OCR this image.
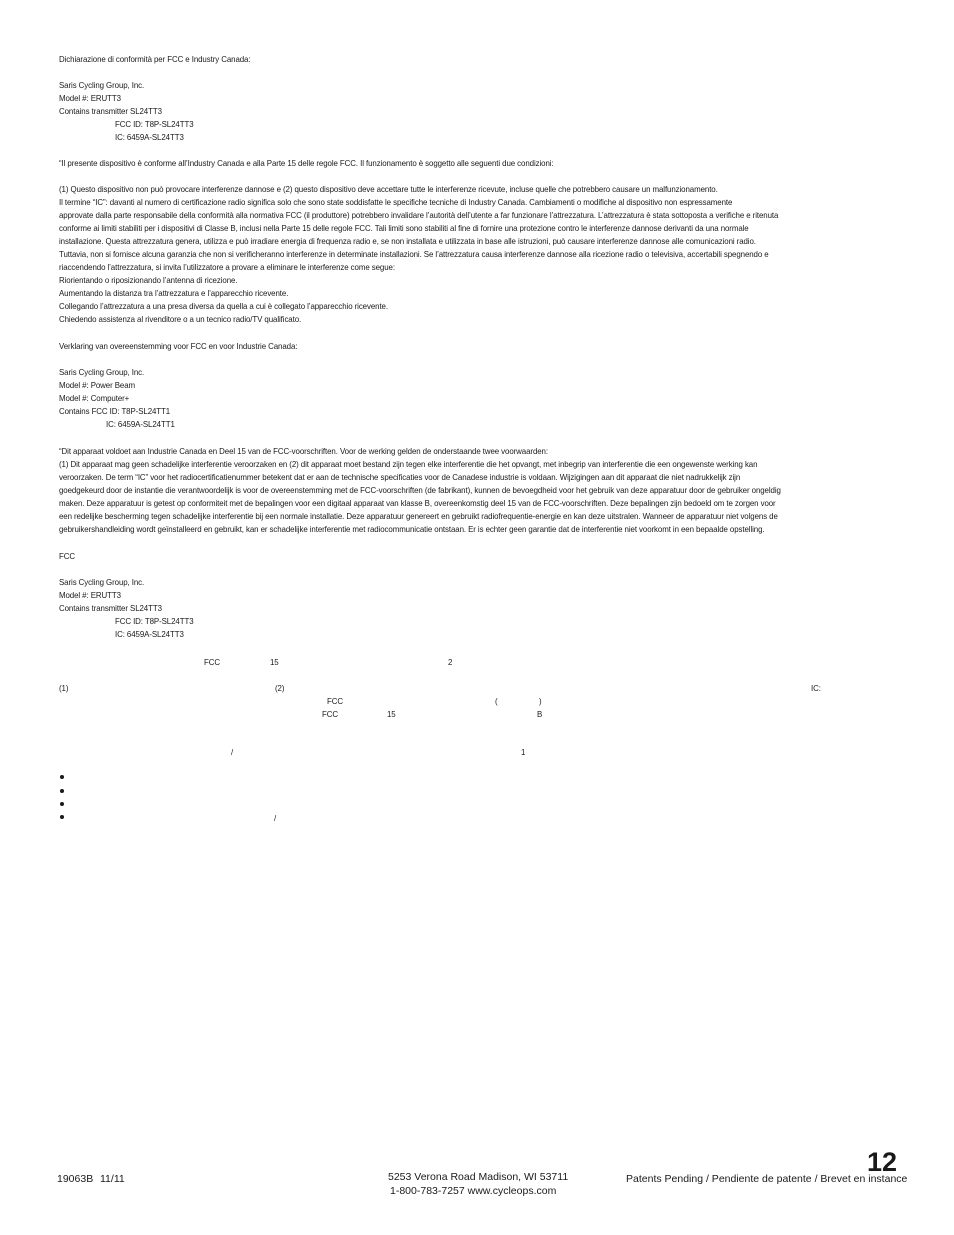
Dichiarazione di conformità per FCC e Industry Canada:
Saris Cycling Group, Inc.
Model #: ERUTT3
Contains transmitter SL24TT3
FCC ID: T8P-SL24TT3
IC: 6459A-SL24TT3
“Il presente dispositivo è conforme all’Industry Canada e alla Parte 15 delle regole FCC. Il funzionamento è soggetto alle seguenti due condizioni:
(1) Questo dispositivo non può provocare interferenze dannose e (2) questo dispositivo deve accettare tutte le interferenze ricevute, incluse quelle che potrebbero causare un malfunzionamento.
Il termine “IC”: davanti al numero di certificazione radio significa solo che sono state soddisfatte le specifiche tecniche di Industry Canada. Cambiamenti o modifiche al dispositivo non espressamente
approvate dalla parte responsabile della conformità alla normativa FCC (il produttore) potrebbero invalidare l’autorità dell’utente a far funzionare l’attrezzatura. L’attrezzatura è stata sottoposta a verifiche e ritenuta
conforme ai limiti stabiliti per i dispositivi di Classe B, inclusi nella Parte 15 delle regole FCC. Tali limiti sono stabiliti al fine di fornire una protezione contro le interferenze dannose derivanti da una normale
installazione. Questa attrezzatura genera, utilizza e può irradiare energia di frequenza radio e, se non installata e utilizzata in base alle istruzioni, può causare interferenze dannose alle comunicazioni radio.
Tuttavia, non si fornisce alcuna garanzia che non si verificheranno interferenze in determinate installazioni. Se l’attrezzatura causa interferenze dannose alla ricezione radio o televisiva, accertabili spegnendo e
riaccendendo l’attrezzatura, si invita l’utilizzatore a provare a eliminare le interferenze come segue:
Riorientando o riposizionando l’antenna di ricezione.
Aumentando la distanza tra l’attrezzatura e l’apparecchio ricevente.
Collegando l’attrezzatura a una presa diversa da quella a cui è collegato l’apparecchio ricevente.
Chiedendo assistenza al rivenditore o a un tecnico radio/TV qualificato.
Verklaring van overeenstemming voor FCC en voor Industrie Canada:
Saris Cycling Group, Inc.
Model #: Power Beam
Model #: Computer+
Contains FCC ID: T8P-SL24TT1
IC: 6459A-SL24TT1
“Dit apparaat voldoet aan Industrie Canada en Deel 15 van de FCC-voorschriften. Voor de werking gelden de onderstaande twee voorwaarden:
(1) Dit apparaat mag geen schadelijke interferentie veroorzaken en (2) dit apparaat moet bestand zijn tegen elke interferentie die het opvangt, met inbegrip van interferentie die een ongewenste werking kan
veroorzaken. De term “IC” voor het radiocertificatienummer betekent dat er aan de technische specificaties voor de Canadese industrie is voldaan. Wijzigingen aan dit apparaat die niet nadrukkelijk zijn
goedgekeurd door de instantie die verantwoordelijk is voor de overeenstemming met de FCC-voorschriften (de fabrikant), kunnen de bevoegdheid voor het gebruik van deze apparatuur door de gebruiker ongeldig
maken. Deze apparatuur is getest op conformiteit met de bepalingen voor een digitaal apparaat van klasse B, overeenkomstig deel 15 van de FCC-voorschriften. Deze bepalingen zijn bedoeld om te zorgen voor
een redelijke bescherming tegen schadelijke interferentie bij een normale installatie. Deze apparatuur genereert en gebruikt radiofrequentie-energie en kan deze uitstralen. Wanneer de apparatuur niet volgens de
gebruikershandleiding wordt geïnstalleerd en gebruikt, kan er schadelijke interferentie met radiocommunicatie ontstaan. Er is echter geen garantie dat de interferentie niet voorkomt in een bepaalde opstelling.
FCC
Saris Cycling Group, Inc.
Model #: ERUTT3
Contains transmitter SL24TT3
FCC ID: T8P-SL24TT3
IC: 6459A-SL24TT3
FCC	15	2
(1)	(2)	IC:
FCC	(	)
FCC	15	B
/	1
/
19063B 11/11	5253 Verona Road Madison, WI 53711
1-800-783-7257 www.cycleops.com
Patents Pending / Pendiente de patente / Brevet en instance
12
